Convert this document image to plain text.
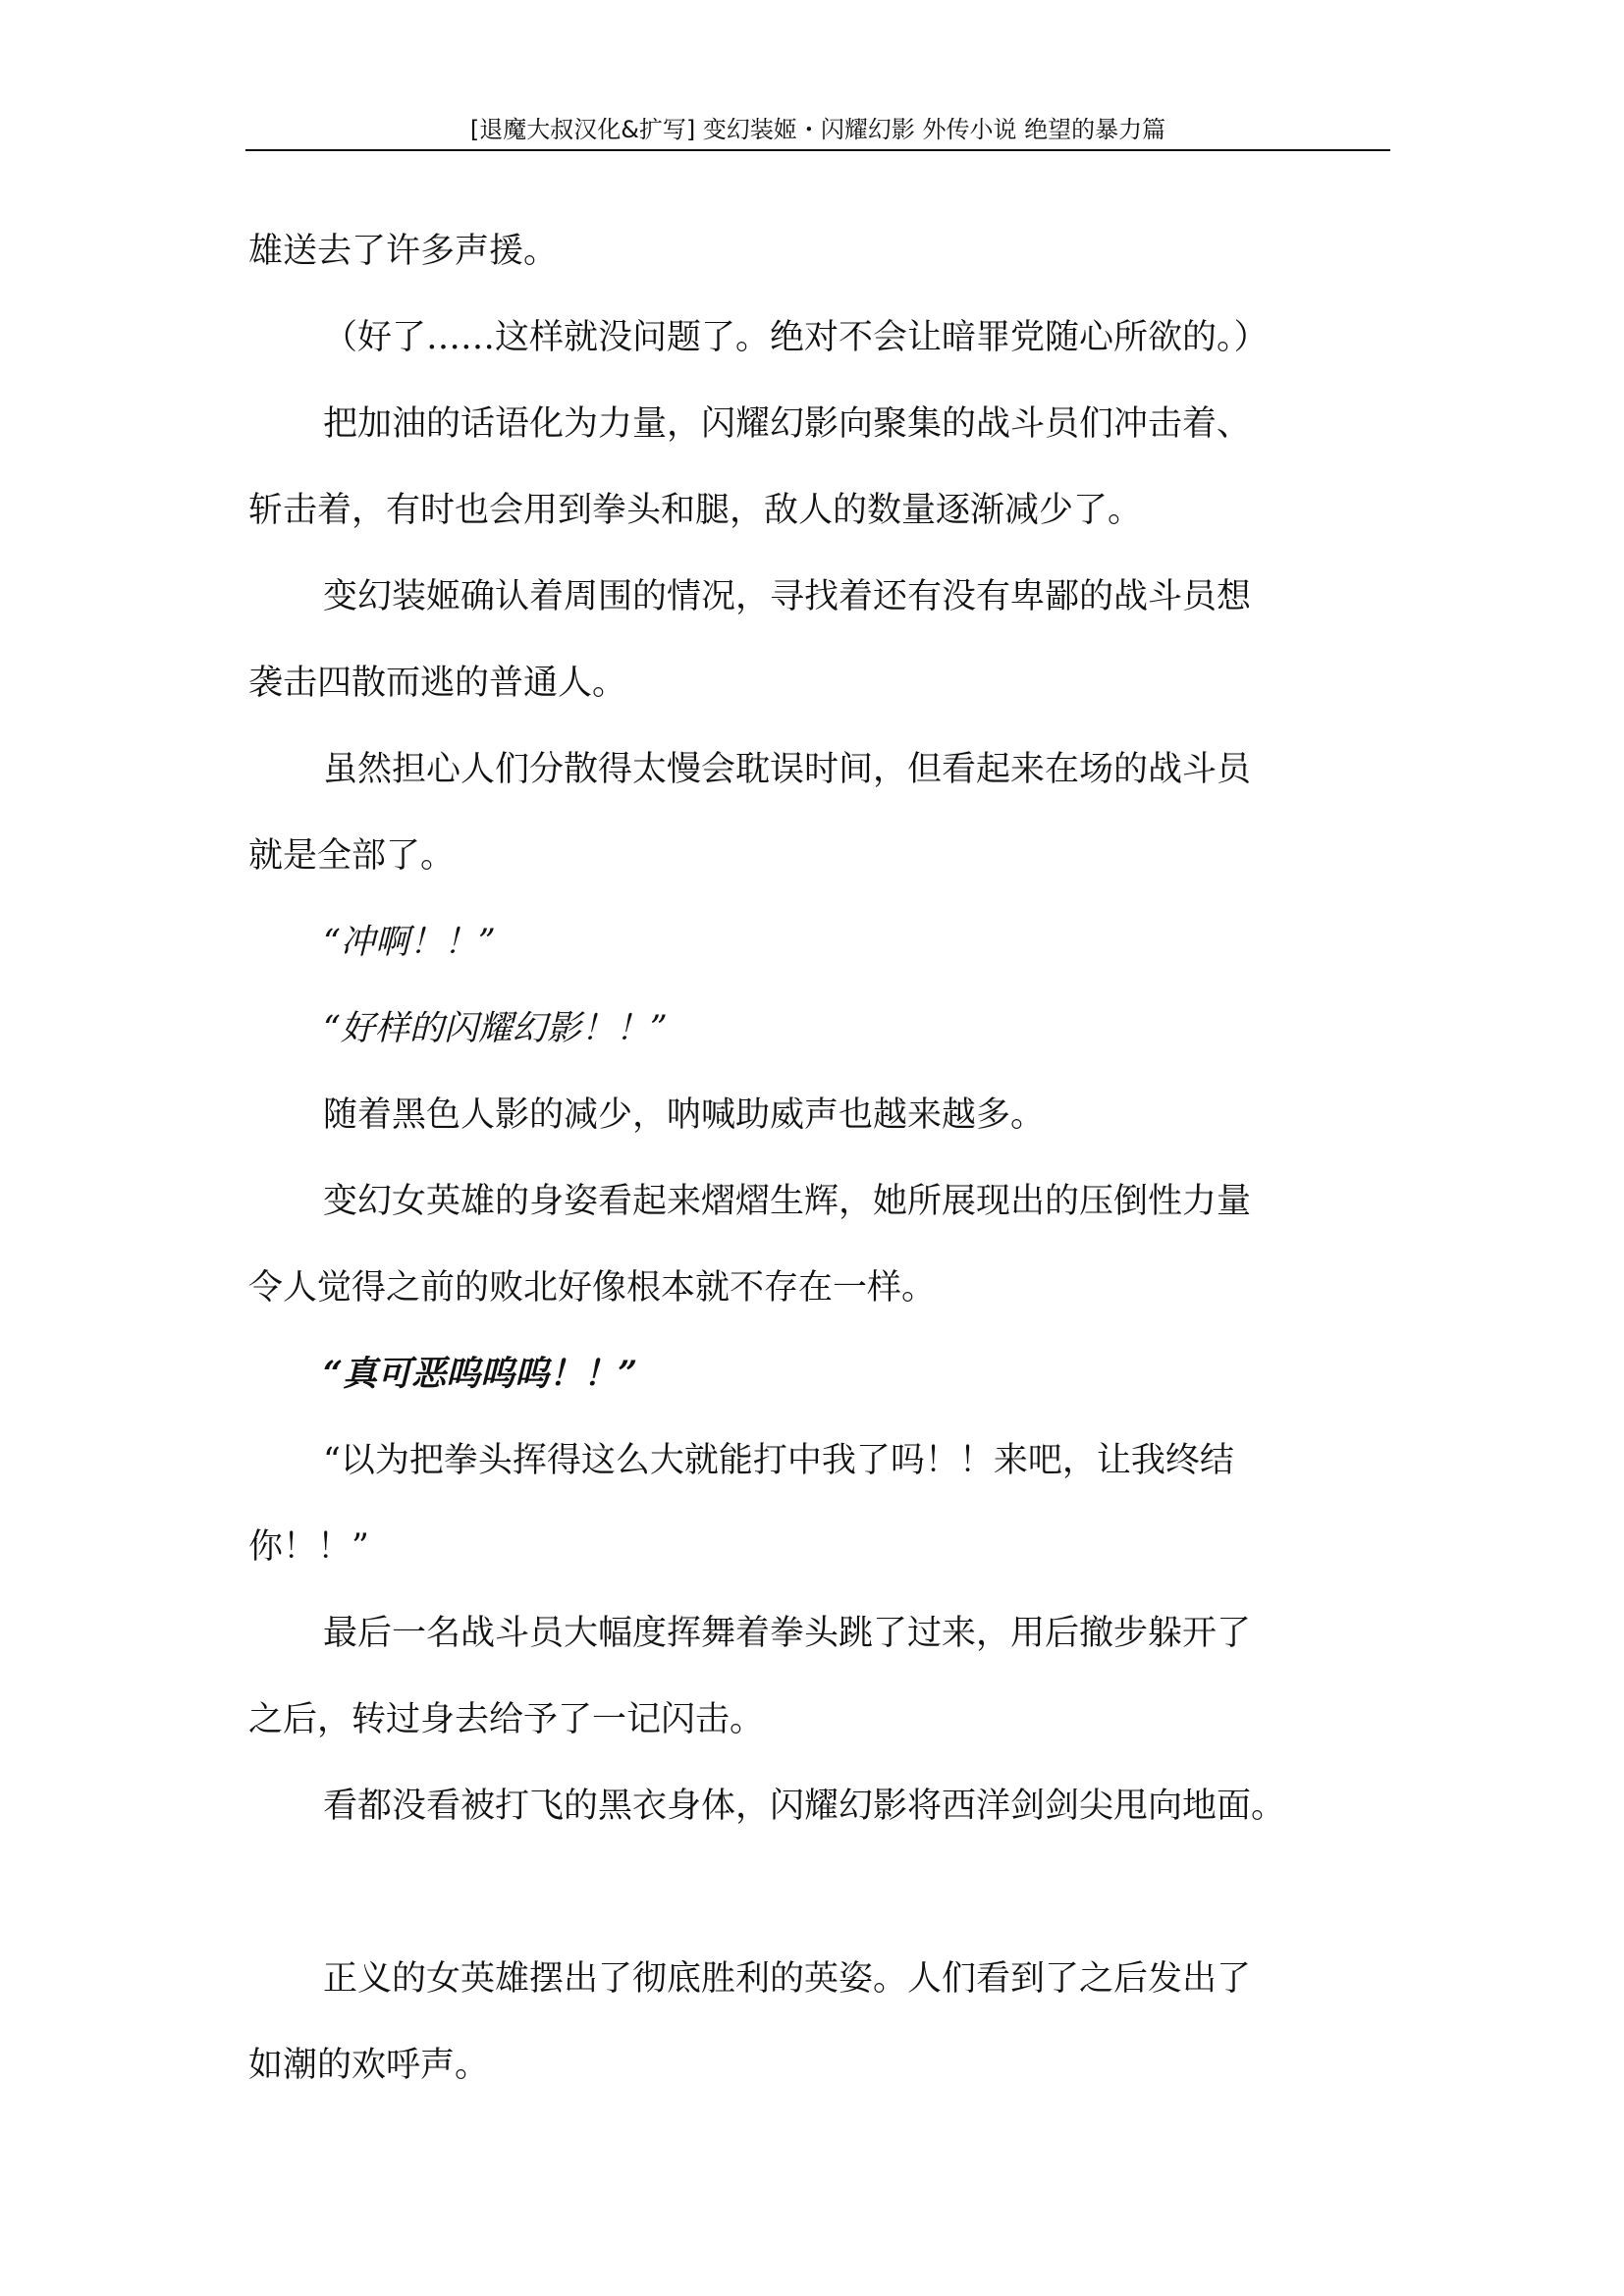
[退魔大叔汉化&扩写] 变幻装姬・闪耀幻影 外传小说 绝望的暴力篇

雄送去了许多声援。

（好了……这样就没问题了。绝对不会让暗罪党随心所欲的。）

把加油的话语化为力量，闪耀幻影向聚集的战斗员们冲击着、

斩击着，有时也会用到拳头和腿，敌人的数量逐渐减少了。

变幻装姬确认着周围的情况，寻找着还有没有卑鄙的战斗员想

袭击四散而逃的普通人。

虽然担心人们分散得太慢会耽误时间，但看起来在场的战斗员

就是全部了。

“冲啊！！”

“好样的闪耀幻影！！”

随着黑色人影的减少，呐喊助威声也越来越多。

变幻女英雄的身姿看起来熠熠生辉，她所展现出的压倒性力量

令人觉得之前的败北好像根本就不存在一样。

“真可恶呜呜呜！！”

“以为把拳头挥得这么大就能打中我了吗！！来吧，让我终结

你！！”

最后一名战斗员大幅度挥舞着拳头跳了过来，用后撤步躲开了

之后，转过身去给予了一记闪击。

看都没看被打飞的黑衣身体，闪耀幻影将西洋剑剑尖甩向地面。

正义的女英雄摆出了彻底胜利的英姿。人们看到了之后发出了

如潮的欢呼声。
